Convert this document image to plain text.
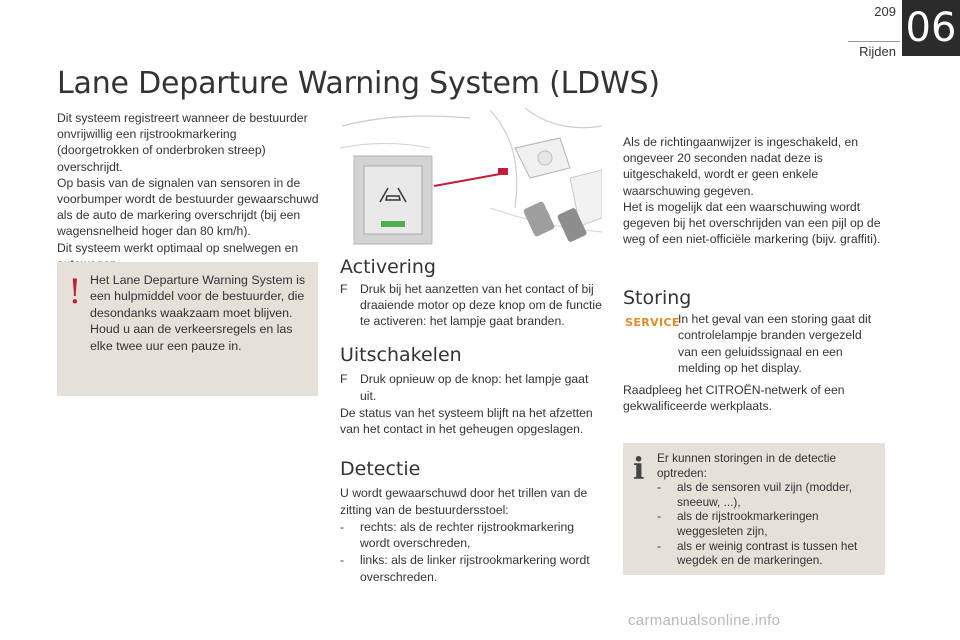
209
Rijden
06
Lane Departure Warning System (LDWS)

Dit systeem registreert wanneer de bestuurder onvrijwillig een rijstrookmarkering (doorgetrokken of onderbroken streep) overschrijdt.

Op basis van de signalen van sensoren in de voorbumper wordt de bestuurder gewaarschuwd als de auto de markering overschrijdt (bij een wagensnelheid hoger dan 80 km/h).

Dit systeem werkt optimaal op snelwegen en

! Het Lane Departure Warning System is een hulpmiddel voor de bestuurder, die desondanks waakzaam moet blijven. Houd u aan de verkeersregels en las elke twee uur een pauze in.
Activering
F	Druk bij het aanzetten van het contact of bij draaiende motor op deze knop om de functie te activeren: het lampje gaat branden.
Uitschakelen
F	Druk opnieuw op de knop: het lampje gaat uit.

De status van het systeem blijft na het afzetten van het contact in het geheugen opgeslagen.

Detectie

U wordt gewaarschuwd door het trillen van de zitting van de bestuurdersstoel:

-	rechts: als de rechter rijstrookmarkering wordt overschreden,
-	links: als de linker rijstrookmarkering wordt overschreden.

Als de richtingaanwijzer is ingeschakeld, en ongeveer 20 seconden nadat deze is uitgeschakeld, wordt er geen enkele waarschuwing gegeven.

Het is mogelijk dat een waarschuwing wordt gegeven bij het overschrijden van een pijl op de weg of een niet-officiële markering (bijv. graffiti).

Storing
SERVICE
In het geval van een storing gaat dit controlelampje branden vergezeld van een geluidssignaal en een melding op het display.
Raadpleeg het CITROËN-netwerk of een gekwalificeerde werkplaats.
i Er kunnen storingen in de detectie optreden:

-	als de sensoren vuil zijn (modder, sneeuw, ...),
-	als de rijstrookmarkeringen weggesleten zijn,
-	als er weinig contrast is tussen het wegdek en de markeringen.
carmanualsonline.info
